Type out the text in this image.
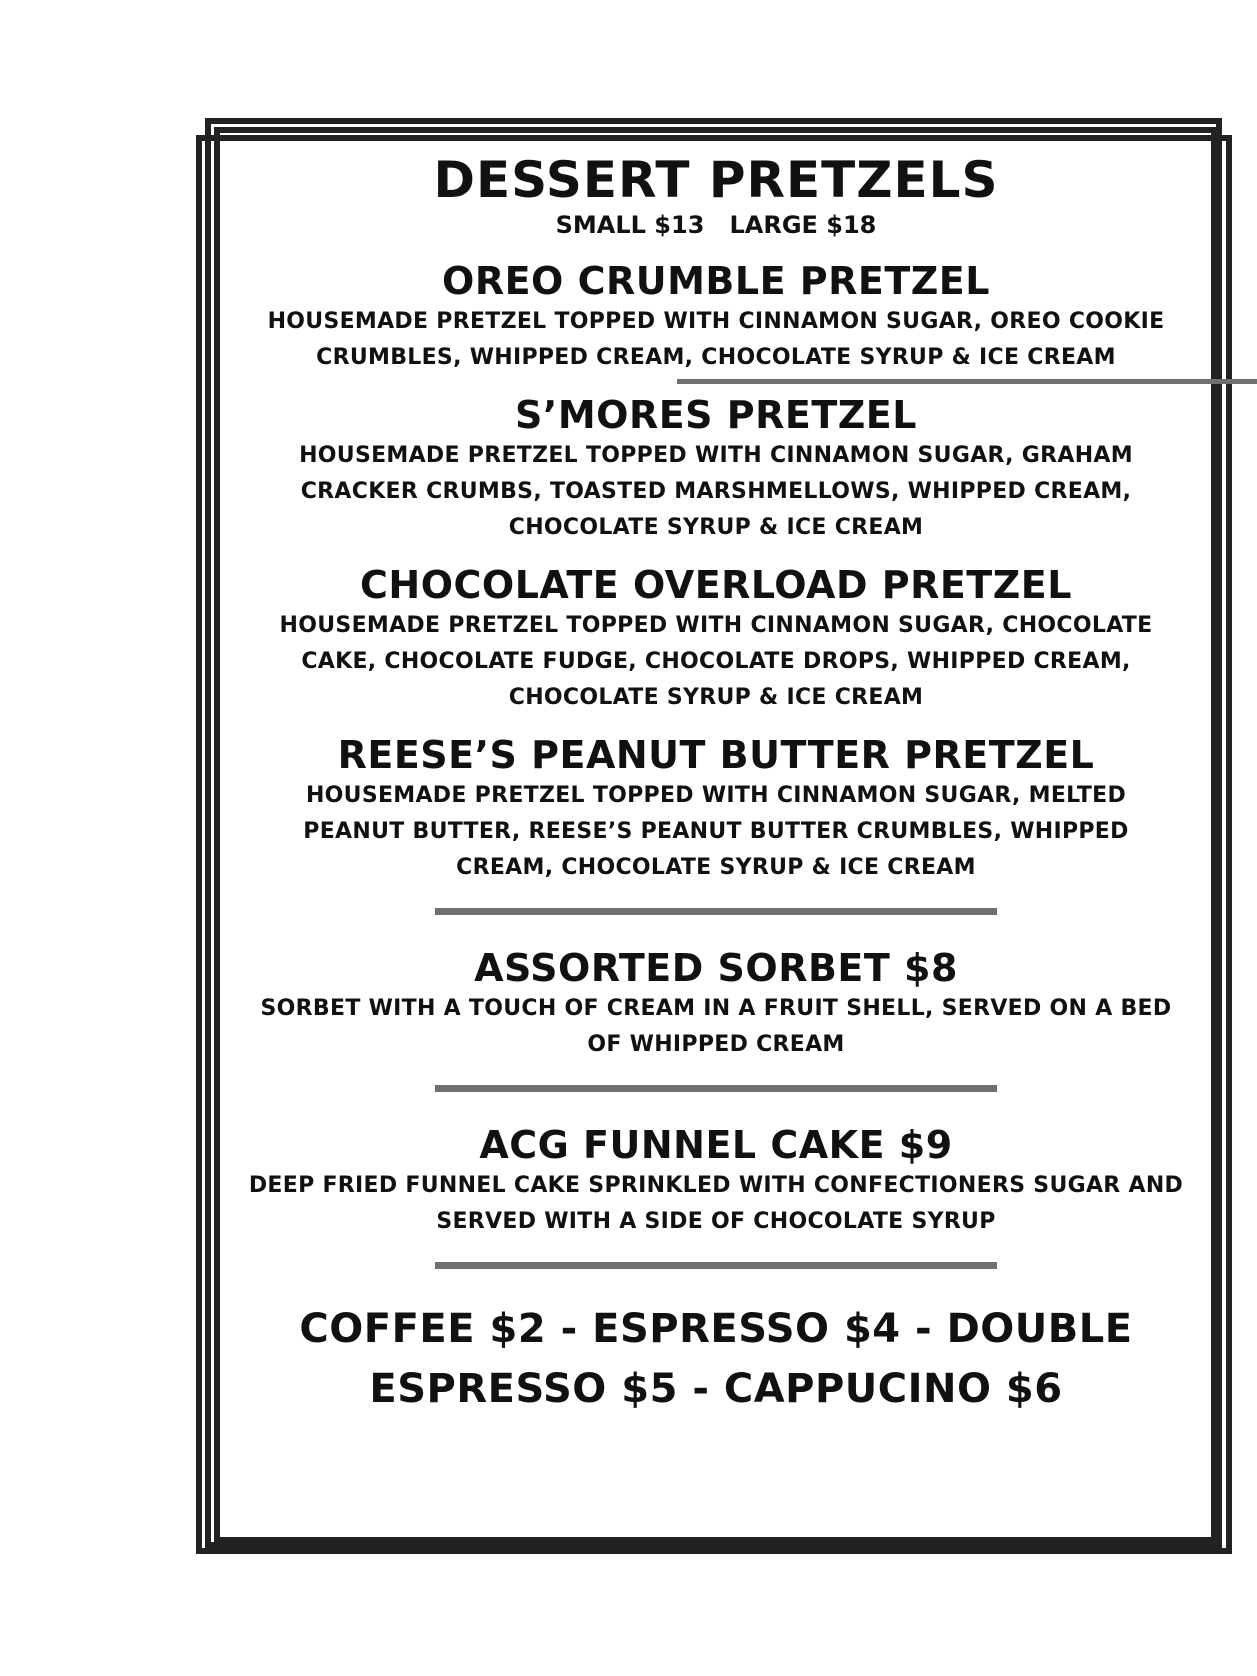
DESSERT PRETZELS
SMALL $13   LARGE $18
OREO CRUMBLE PRETZEL
HOUSEMADE PRETZEL TOPPED WITH CINNAMON SUGAR, OREO COOKIE CRUMBLES, WHIPPED CREAM, CHOCOLATE SYRUP & ICE CREAM
S’MORES PRETZEL
HOUSEMADE PRETZEL TOPPED WITH CINNAMON SUGAR, GRAHAM CRACKER CRUMBS, TOASTED MARSHMELLOWS, WHIPPED CREAM, CHOCOLATE SYRUP & ICE CREAM
CHOCOLATE OVERLOAD PRETZEL
HOUSEMADE PRETZEL TOPPED WITH CINNAMON SUGAR, CHOCOLATE CAKE, CHOCOLATE FUDGE, CHOCOLATE DROPS, WHIPPED CREAM, CHOCOLATE SYRUP & ICE CREAM
REESE’S PEANUT BUTTER PRETZEL
HOUSEMADE PRETZEL TOPPED WITH CINNAMON SUGAR, MELTED PEANUT BUTTER, REESE’S PEANUT BUTTER CRUMBLES, WHIPPED CREAM, CHOCOLATE SYRUP & ICE CREAM
ASSORTED SORBET $8
SORBET WITH A TOUCH OF CREAM IN A FRUIT SHELL, SERVED ON A BED OF WHIPPED CREAM
ACG FUNNEL CAKE $9
DEEP FRIED FUNNEL CAKE SPRINKLED WITH CONFECTIONERS SUGAR AND SERVED WITH A SIDE OF CHOCOLATE SYRUP
COFFEE $2 - ESPRESSO $4 - DOUBLE ESPRESSO $5 - CAPPUCINO $6
